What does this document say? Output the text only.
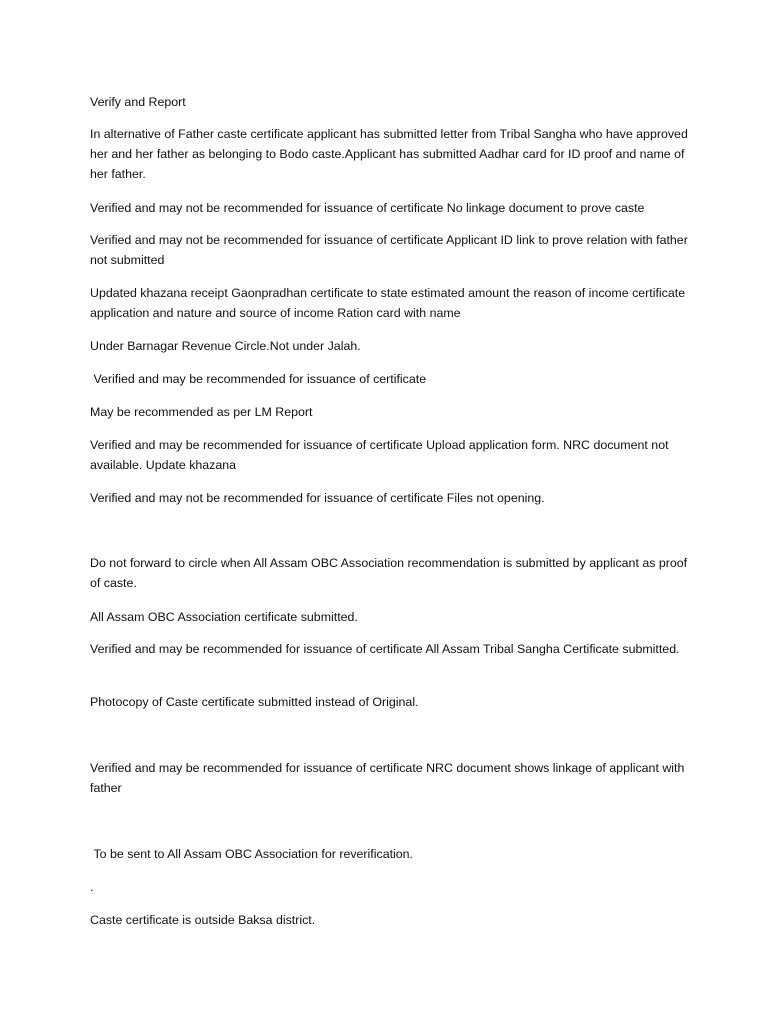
Verify and Report

In alternative of Father caste certificate applicant has submitted letter from Tribal Sangha who have approved her and her father as belonging to Bodo caste.Applicant has submitted Aadhar card for ID proof and name of her father.

Verified and may not be recommended for issuance of certificate No linkage document to prove caste

Verified and may not be recommended for issuance of certificate Applicant ID link to prove relation with father not submitted

Updated khazana receipt Gaonpradhan certificate to state estimated amount the reason of income certificate application and nature and source of income Ration card with name

Under Barnagar Revenue Circle.Not under Jalah.

Verified and may be recommended for issuance of certificate

May be recommended as per LM Report

Verified and may be recommended for issuance of certificate Upload application form. NRC document not available. Update khazana

Verified and may not be recommended for issuance of certificate Files not opening.

Do not forward to circle when All Assam OBC Association recommendation is submitted by applicant as proof of caste.

All Assam OBC Association certificate submitted.

Verified and may be recommended for issuance of certificate All Assam Tribal Sangha Certificate submitted.

Photocopy of Caste certificate submitted instead of Original.

Verified and may be recommended for issuance of certificate NRC document shows linkage of applicant with father

To be sent to All Assam OBC Association for reverification.

.

Caste certificate is outside Baksa district.
